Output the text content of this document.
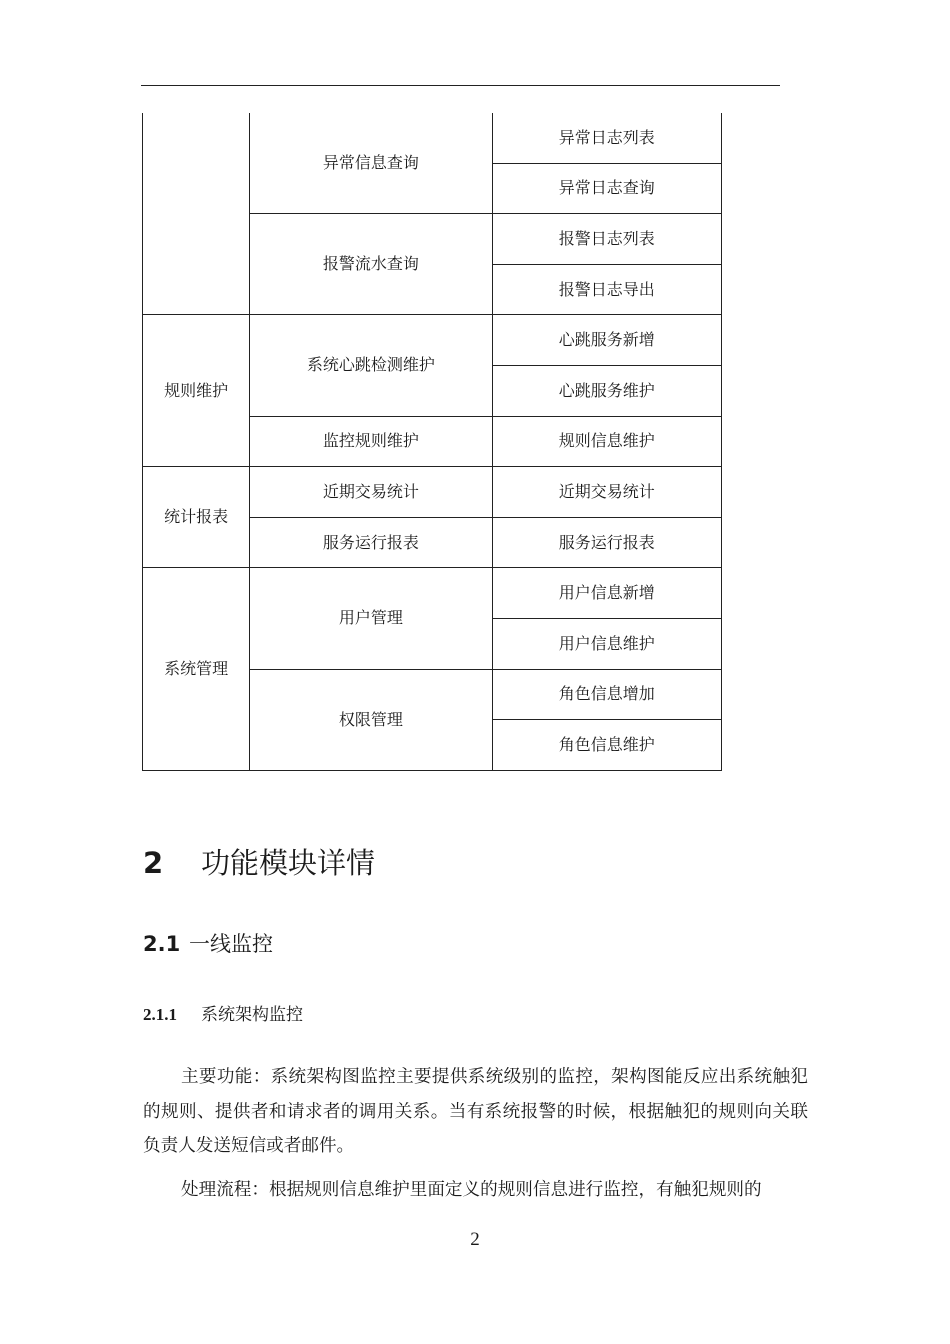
	异常信息查询	异常日志列表
		异常日志查询
	报警流水查询	报警日志列表
		报警日志导出
规则维护	系统心跳检测维护	心跳服务新增
		心跳服务维护
	监控规则维护	规则信息维护
统计报表	近期交易统计	近期交易统计
	服务运行报表	服务运行报表
系统管理	用户管理	用户信息新增
		用户信息维护
	权限管理	角色信息增加
		角色信息维护
2 功能模块详情
2.1 一线监控
2.1.1 系统架构监控
主要功能：系统架构图监控主要提供系统级别的监控，架构图能反应出系统触犯的规则、提供者和请求者的调用关系。当有系统报警的时候，根据触犯的规则向关联负责人发送短信或者邮件。
处理流程：根据规则信息维护里面定义的规则信息进行监控，有触犯规则的
2
